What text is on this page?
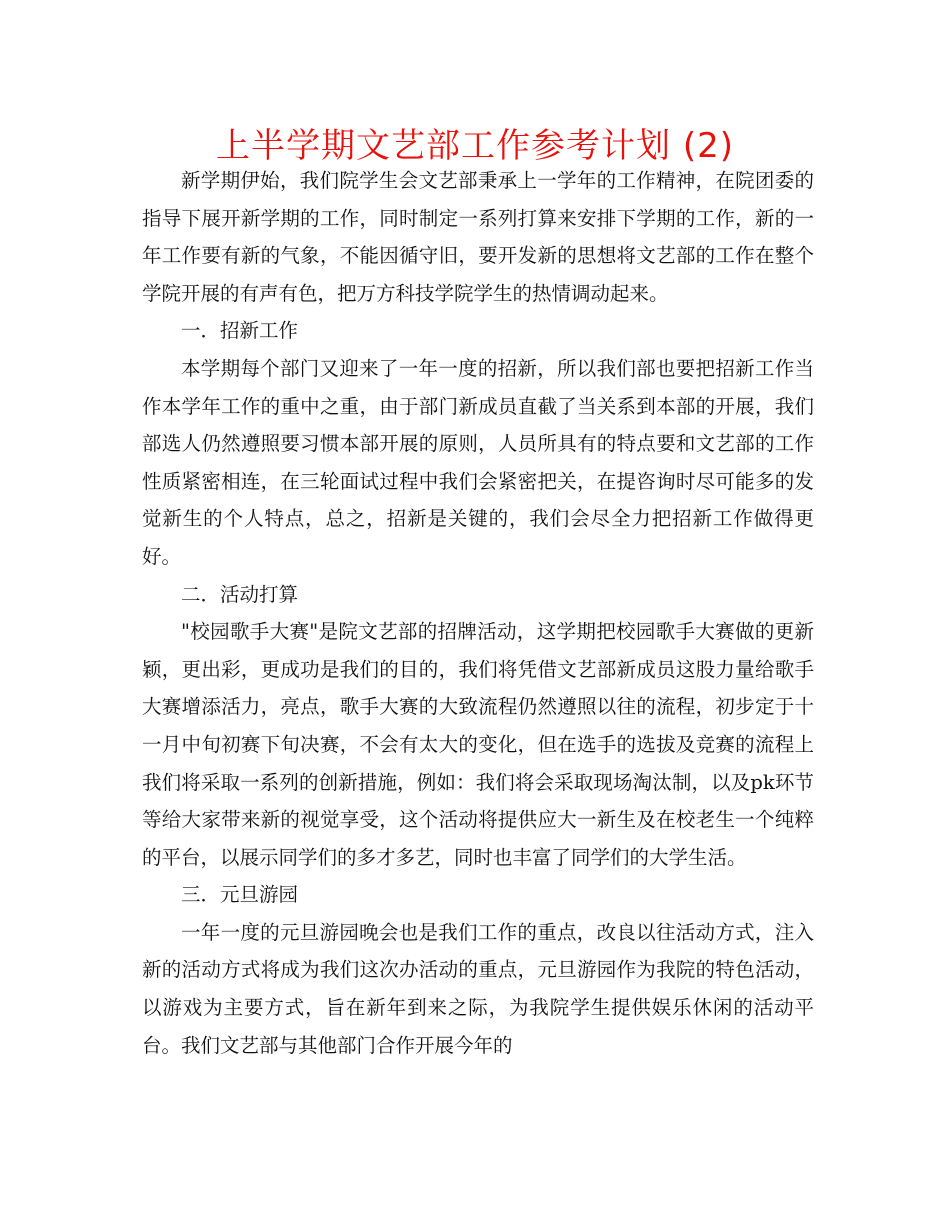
上半学期文艺部工作参考计划 (2)

新学期伊始，我们院学生会文艺部秉承上一学年的工作精神，在院团委的指导下展开新学期的工作，同时制定一系列打算来安排下学期的工作，新的一年工作要有新的气象，不能因循守旧，要开发新的思想将文艺部的工作在整个学院开展的有声有色，把万方科技学院学生的热情调动起来。

一．招新工作

本学期每个部门又迎来了一年一度的招新，所以我们部也要把招新工作当作本学年工作的重中之重，由于部门新成员直截了当关系到本部的开展，我们部选人仍然遵照要习惯本部开展的原则，人员所具有的特点要和文艺部的工作性质紧密相连，在三轮面试过程中我们会紧密把关，在提咨询时尽可能多的发觉新生的个人特点，总之，招新是关键的，我们会尽全力把招新工作做得更好。

二．活动打算

"校园歌手大赛"是院文艺部的招牌活动，这学期把校园歌手大赛做的更新颖，更出彩，更成功是我们的目的，我们将凭借文艺部新成员这股力量给歌手大赛增添活力，亮点，歌手大赛的大致流程仍然遵照以往的流程，初步定于十一月中旬初赛下旬决赛，不会有太大的变化，但在选手的选拔及竞赛的流程上我们将采取一系列的创新措施，例如：我们将会采取现场淘汰制，以及pk环节等给大家带来新的视觉享受，这个活动将提供应大一新生及在校老生一个纯粹的平台，以展示同学们的多才多艺，同时也丰富了同学们的大学生活。

三．元旦游园

一年一度的元旦游园晚会也是我们工作的重点，改良以往活动方式，注入新的活动方式将成为我们这次办活动的重点，元旦游园作为我院的特色活动，以游戏为主要方式，旨在新年到来之际，为我院学生提供娱乐休闲的活动平台。我们文艺部与其他部门合作开展今年的
